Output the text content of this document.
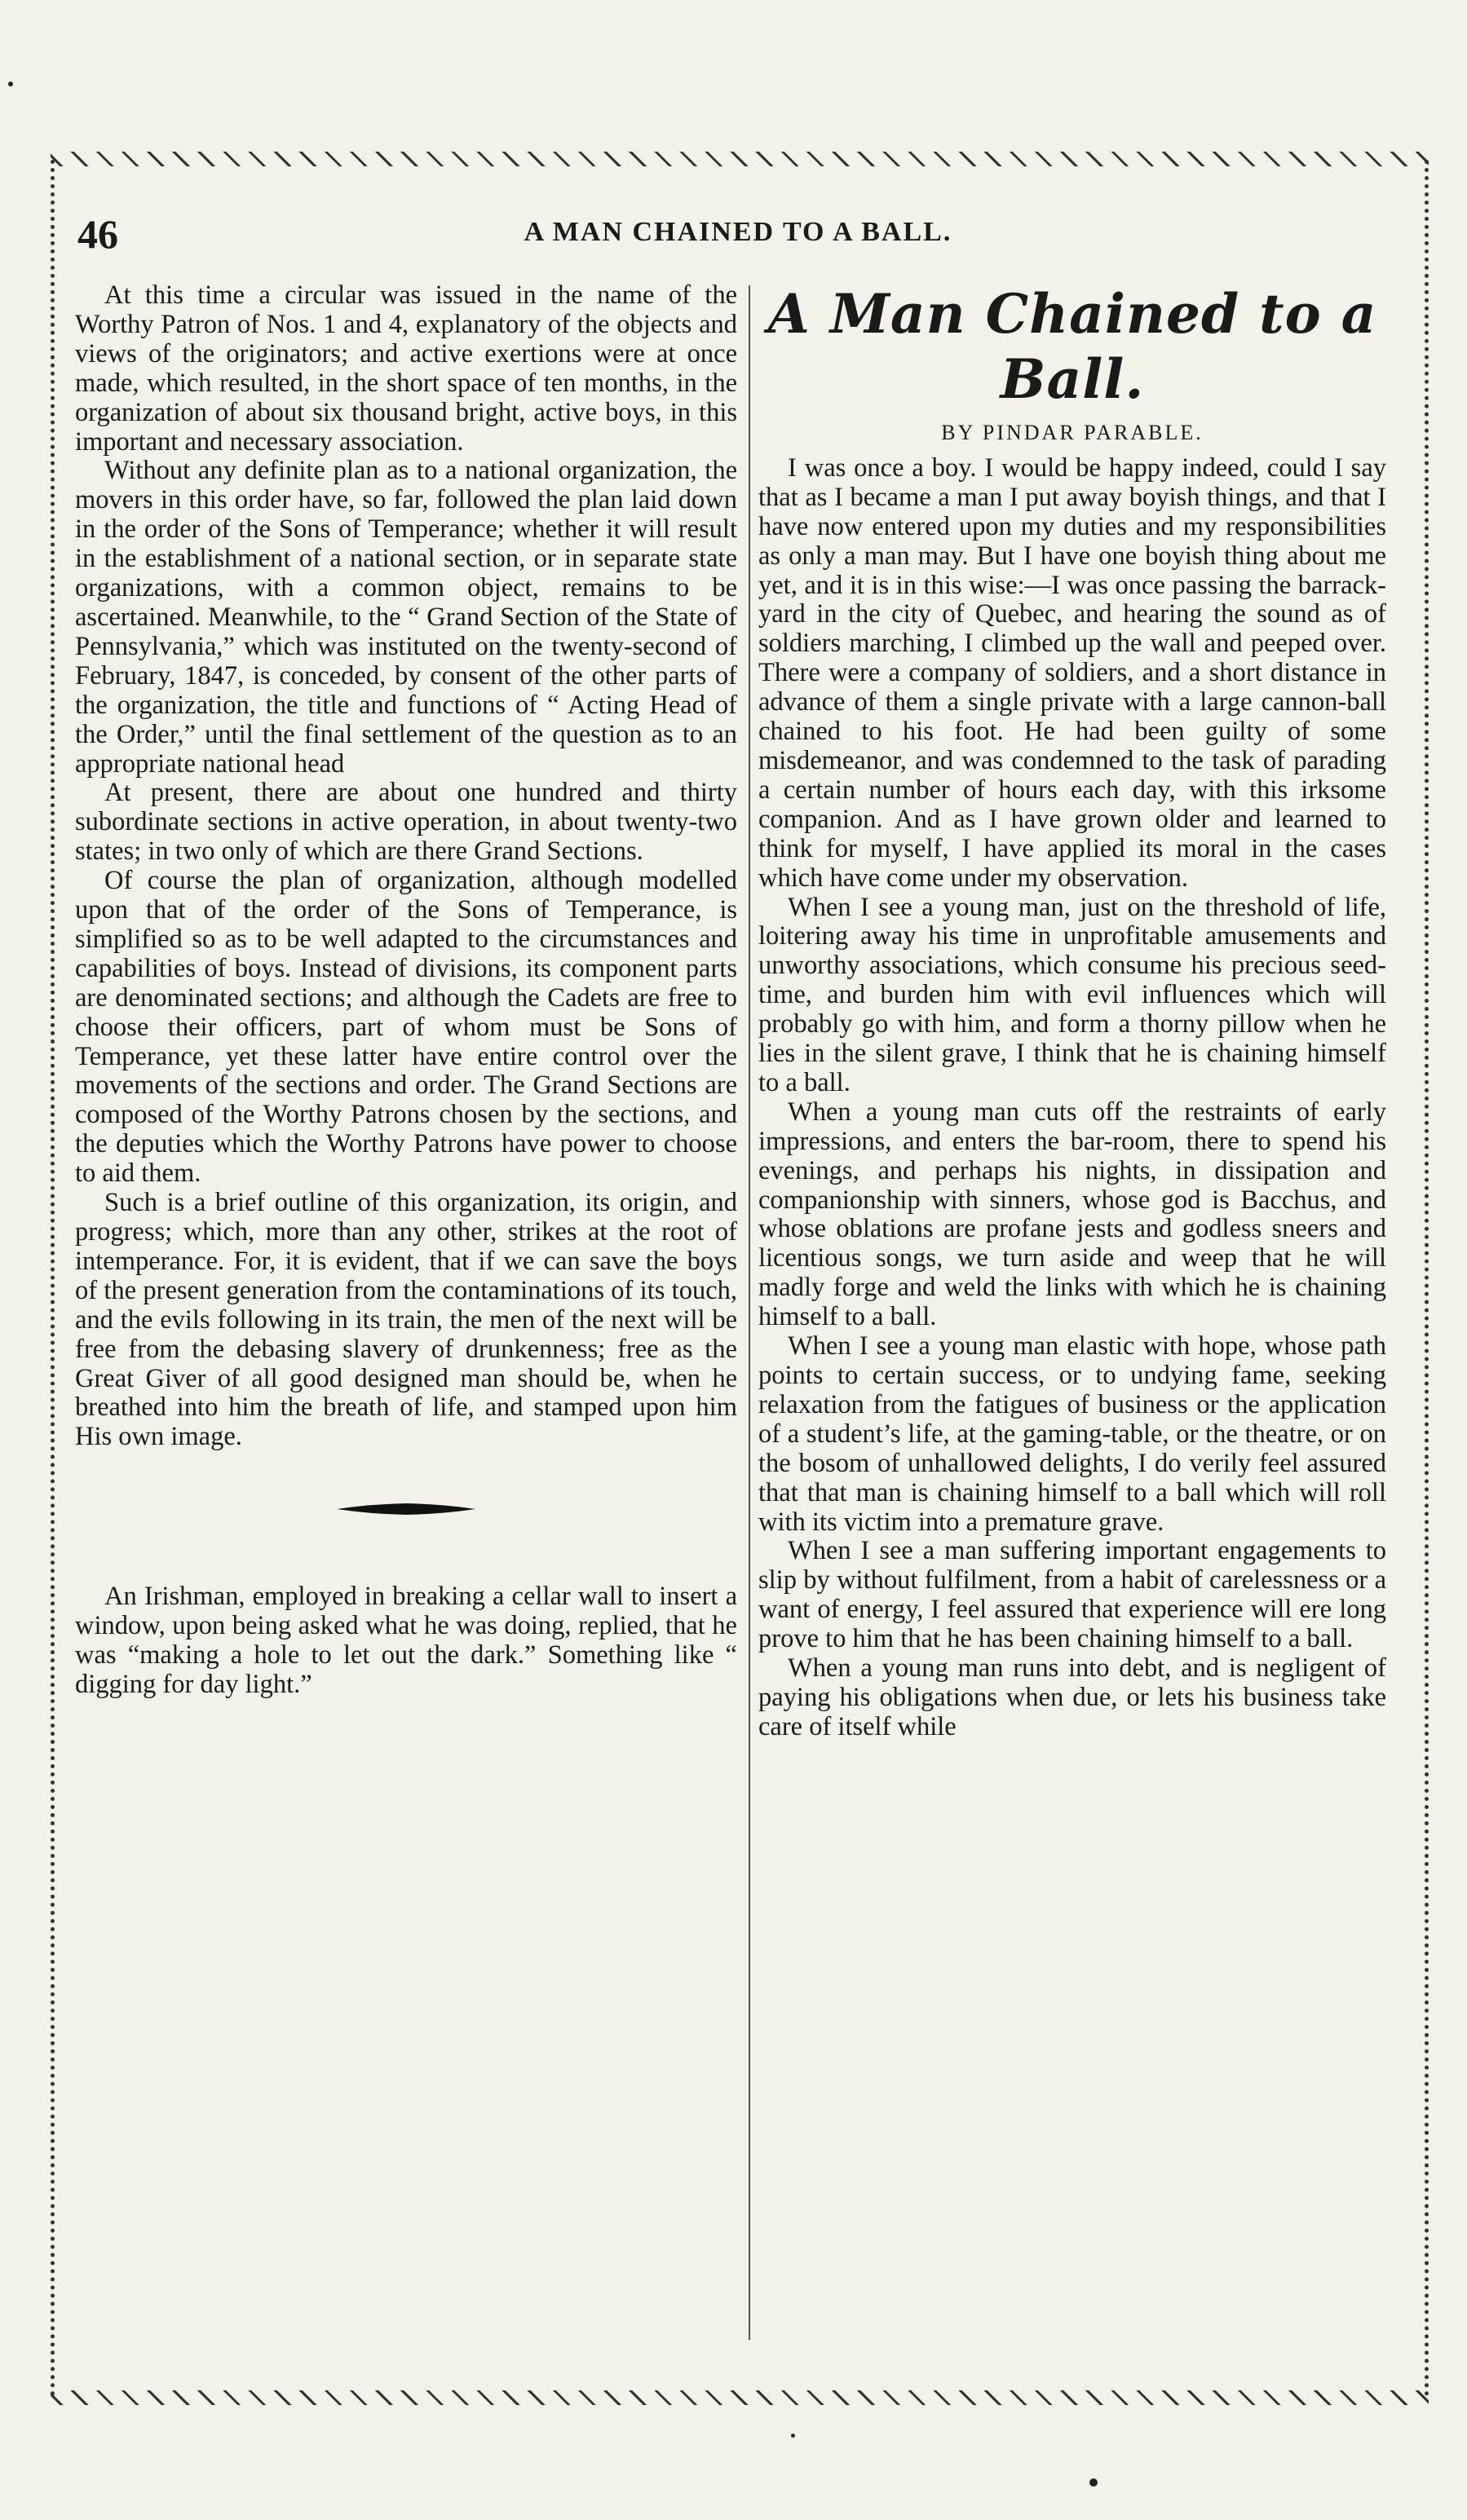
46	A MAN CHAINED TO A BALL.

At this time a circular was issued in the name of the Worthy Patron of Nos. 1 and 4, explanatory of the objects and views of the originators; and active exertions were at once made, which resulted, in the short space of ten months, in the organization of about six thousand bright, active boys, in this important and necessary association.

Without any definite plan as to a national organization, the movers in this order have, so far, followed the plan laid down in the order of the Sons of Temperance; whether it will result in the establishment of a national section, or in separate state organizations, with a common object, remains to be ascertained. Meanwhile, to the “ Grand Section of the State of Pennsylvania,” which was instituted on the twenty-second of February, 1847, is conceded, by consent of the other parts of the organization, the title and functions of “ Acting Head of the Order,” until the final settlement of the question as to an appropriate national head

At present, there are about one hundred and thirty subordinate sections in active operation, in about twenty-two states; in two only of which are there Grand Sections.

Of course the plan of organization, although modelled upon that of the order of the Sons of Temperance, is simplified so as to be well adapted to the circumstances and capabilities of boys. Instead of divisions, its component parts are denominated sections; and although the Cadets are free to choose their officers, part of whom must be Sons of Temperance, yet these latter have entire control over the movements of the sections and order. The Grand Sections are composed of the Worthy Patrons chosen by the sections, and the deputies which the Worthy Patrons have power to choose to aid them.

Such is a brief outline of this organization, its origin, and progress; which, more than any other, strikes at the root of intemperance. For, it is evident, that if we can save the boys of the present generation from the contaminations of its touch, and the evils following in its train, the men of the next will be free from the debasing slavery of drunkenness; free as the Great Giver of all good designed man should be, when he breathed into him the breath of life, and stamped upon him His own image.

An Irishman, employed in breaking a cellar wall to insert a window, upon being asked what he was doing, replied, that he was “making a hole to let out the dark.” Something like “ digging for day light.”

A Man Chained to a Ball.
BY PINDAR PARABLE.

I was once a boy. I would be happy indeed, could I say that as I became a man I put away boyish things, and that I have now entered upon my duties and my responsibilities as only a man may. But I have one boyish thing about me yet, and it is in this wise:—I was once passing the barrack-yard in the city of Quebec, and hearing the sound as of soldiers marching, I climbed up the wall and peeped over. There were a company of soldiers, and a short distance in advance of them a single private with a large cannon-ball chained to his foot. He had been guilty of some misdemeanor, and was condemned to the task of parading a certain number of hours each day, with this irksome companion. And as I have grown older and learned to think for myself, I have applied its moral in the cases which have come under my observation.

When I see a young man, just on the threshold of life, loitering away his time in unprofitable amusements and unworthy associations, which consume his precious seed-time, and burden him with evil influences which will probably go with him, and form a thorny pillow when he lies in the silent grave, I think that he is chaining himself to a ball.

When a young man cuts off the restraints of early impressions, and enters the bar-room, there to spend his evenings, and perhaps his nights, in dissipation and companionship with sinners, whose god is Bacchus, and whose oblations are profane jests and godless sneers and licentious songs, we turn aside and weep that he will madly forge and weld the links with which he is chaining himself to a ball.

When I see a young man elastic with hope, whose path points to certain success, or to undying fame, seeking relaxation from the fatigues of business or the application of a student’s life, at the gaming-table, or the theatre, or on the bosom of unhallowed delights, I do verily feel assured that that man is chaining himself to a ball which will roll with its victim into a premature grave.

When I see a man suffering important engagements to slip by without fulfilment, from a habit of carelessness or a want of energy, I feel assured that experience will ere long prove to him that he has been chaining himself to a ball.

When a young man runs into debt, and is negligent of paying his obligations when due, or lets his business take care of itself while
